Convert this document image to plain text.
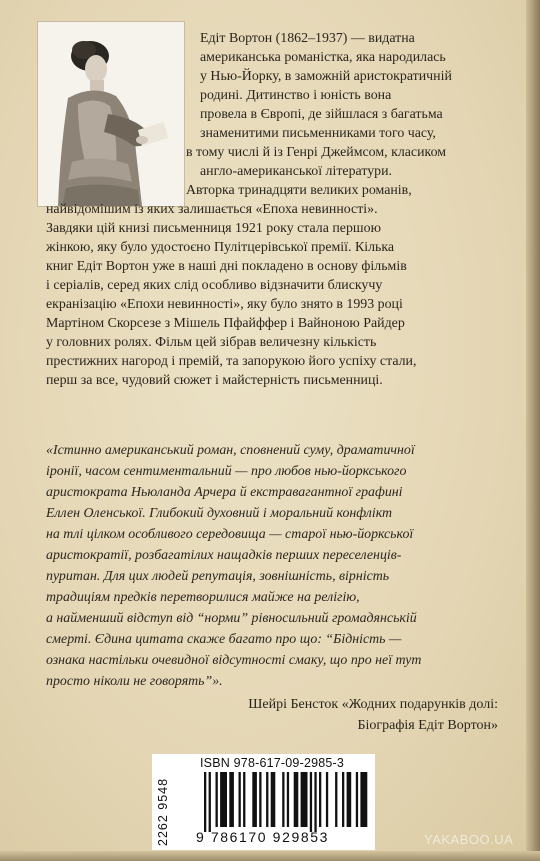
Едіт Вортон (1862–1937) — видатна
американська романістка, яка народилась
у Нью-Йорку, в заможній аристократичній
родині. Дитинство і юність вона
провела в Європі, де зійшлася з багатьма
знаменитими письменниками того часу,
в тому числі й із Генрі Джеймсом, класиком
англо-американської літератури.
Авторка тринадцяти великих романів,
найвідомішим із яких залишається «Епоха невинності».
Завдяки цій книзі письменниця 1921 року стала першою
жінкою, яку було удостоєно Пулітцерівської премії. Кілька
книг Едіт Вортон уже в наші дні покладено в основу фільмів
і серіалів, серед яких слід особливо відзначити блискучу
екранізацію «Епохи невинності», яку було знято в 1993 році
Мартіном Скорсезе з Мішель Пфайффер і Вайноною Райдер
у головних ролях. Фільм цей зібрав величезну кількість
престижних нагород і премій, та запорукою його успіху стали,
перш за все, чудовий сюжет і майстерність письменниці.
«Істинно американський роман, сповнений суму, драматичної
іронії, часом сентиментальний — про любов нью-йоркського
аристократа Ньюланда Арчера й екстравагантної графині
Еллен Оленської. Глибокий духовний і моральний конфлікт
на тлі цілком особливого середовища — старої нью-йоркської
аристократії, розбагатілих нащадків перших переселенців-
пуритан. Для цих людей репутація, зовнішність, вірність
традиціям предків перетворилися майже на релігію,
а найменший відступ від “норми” рівносильний громадянській
смерті. Єдина цитата скаже багато про що: “Бідність —
ознака настільки очевидної відсутності смаку, що про неї тут
просто ніколи не говорять”».
Шейрі Бенсток «Жодних подарунків долі:
Біографія Едіт Вортон»
ISBN 978-617-09-2985-3
2262 9548 9 786170 929853	YAKABOO.UA
